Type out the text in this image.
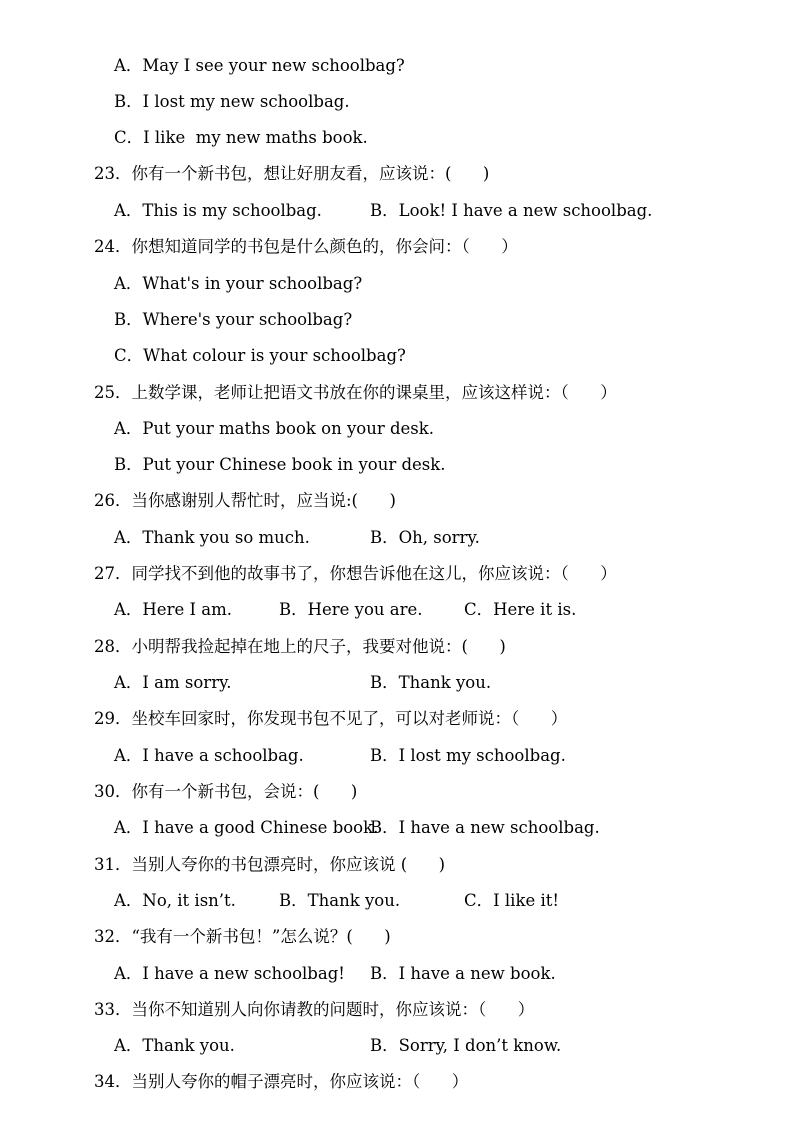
A．May I see your new schoolbag?
B．I lost my new schoolbag.
C．I like  my new maths book.
23．你有一个新书包，想让好朋友看，应该说：(      )
A．This is my schoolbag.	B．Look! I have a new schoolbag.
24．你想知道同学的书包是什么颜色的，你会问：（      ）
A．What's in your schoolbag?
B．Where's your schoolbag?
C．What colour is your schoolbag?
25．上数学课，老师让把语文书放在你的课桌里，应该这样说：（      ）
A．Put your maths book on your desk.
B．Put your Chinese book in your desk.
26．当你感谢别人帮忙时，应当说:(      )
A．Thank you so much.	B．Oh, sorry.
27．同学找不到他的故事书了，你想告诉他在这儿，你应该说：（      ）
A．Here I am.	B．Here you are.	C．Here it is.
28．小明帮我捡起掉在地上的尺子，我要对他说：(      )
A．I am sorry.	B．Thank you.
29．坐校车回家时，你发现书包不见了，可以对老师说：（      ）
A．I have a schoolbag.	B．I lost my schoolbag.
30．你有一个新书包，会说：(      )
A．I have a good Chinese book.
B．I have a new schoolbag.
31．当别人夸你的书包漂亮时，你应该说 (      )
A．No, it isn’t.	B．Thank you.	C．I like it!
32．“我有一个新书包！”怎么说？(      )
A．I have a new schoolbag! B．I have a new book.
33．当你不知道别人向你请教的问题时，你应该说：（      ）
A．Thank you.	B．Sorry, I don’t know.
34．当别人夸你的帽子漂亮时，你应该说：（      ）
